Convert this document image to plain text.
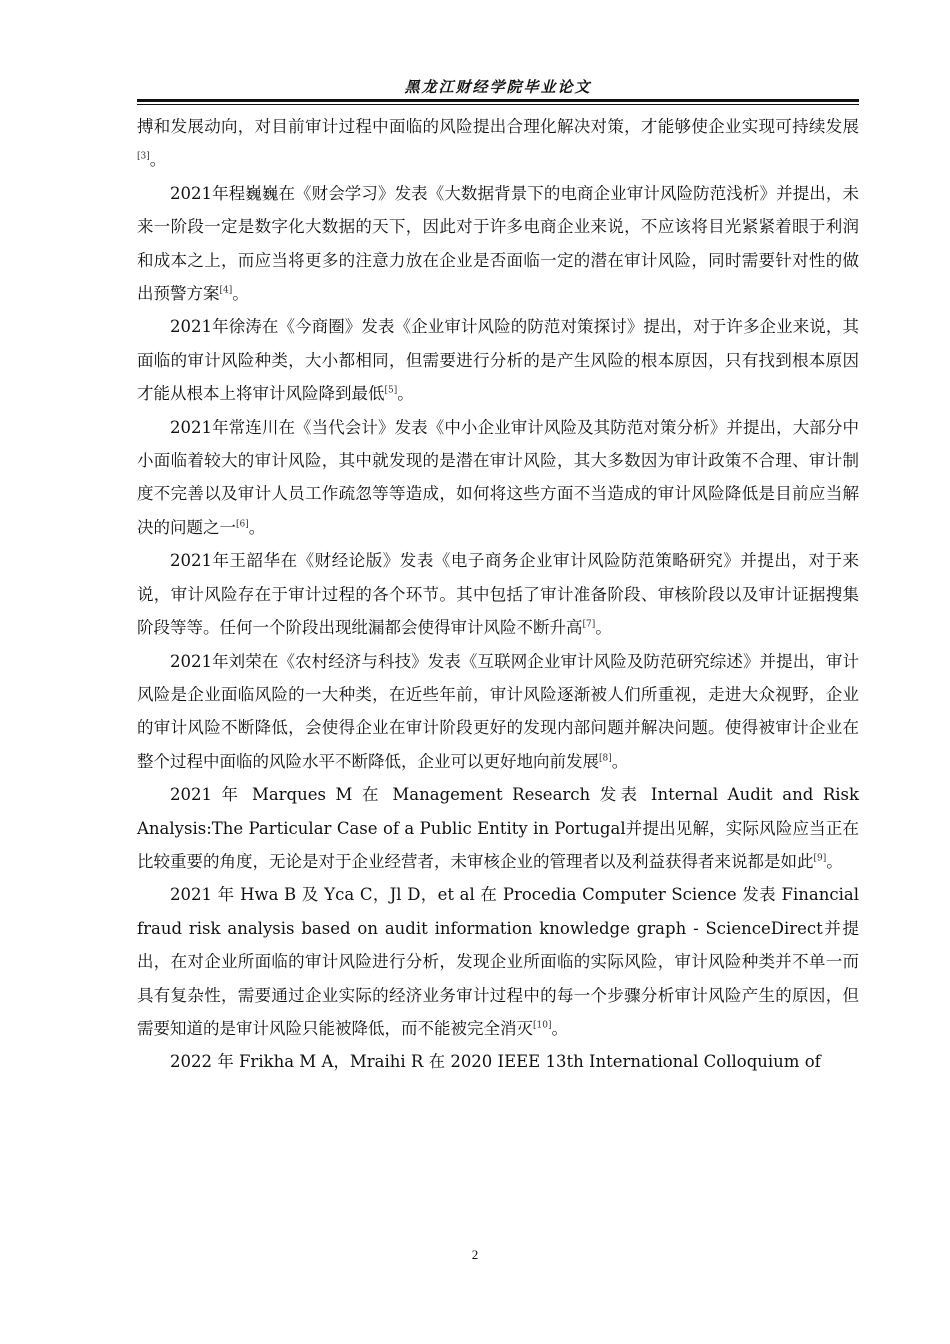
黑龙江财经学院毕业论文

搏和发展动向，对目前审计过程中面临的风险提出合理化解决对策，才能够使企业实现可持续发展[3]。

2021年程巍巍在《财会学习》发表《大数据背景下的电商企业审计风险防范浅析》并提出，未来一阶段一定是数字化大数据的天下，因此对于许多电商企业来说，不应该将目光紧紧着眼于利润和成本之上，而应当将更多的注意力放在企业是否面临一定的潜在审计风险，同时需要针对性的做出预警方案[4]。

2021年徐涛在《今商圈》发表《企业审计风险的防范对策探讨》提出，对于许多企业来说，其面临的审计风险种类，大小都相同，但需要进行分析的是产生风险的根本原因，只有找到根本原因才能从根本上将审计风险降到最低[5]。

2021年常连川在《当代会计》发表《中小企业审计风险及其防范对策分析》并提出，大部分中小面临着较大的审计风险，其中就发现的是潜在审计风险，其大多数因为审计政策不合理、审计制度不完善以及审计人员工作疏忽等等造成，如何将这些方面不当造成的审计风险降低是目前应当解决的问题之一[6]。

2021年王韶华在《财经论版》发表《电子商务企业审计风险防范策略研究》并提出，对于来说，审计风险存在于审计过程的各个环节。其中包括了审计准备阶段、审核阶段以及审计证据搜集阶段等等。任何一个阶段出现纰漏都会使得审计风险不断升高[7]。

2021年刘荣在《农村经济与科技》发表《互联网企业审计风险及防范研究综述》并提出，审计风险是企业面临风险的一大种类，在近些年前，审计风险逐渐被人们所重视，走进大众视野，企业的审计风险不断降低，会使得企业在审计阶段更好的发现内部问题并解决问题。使得被审计企业在整个过程中面临的风险水平不断降低，企业可以更好地向前发展[8]。

2021 年 Marques M 在 Management Research 发表 Internal Audit and Risk Analysis:The Particular Case of a Public Entity in Portugal并提出见解，实际风险应当正在比较重要的角度，无论是对于企业经营者，未审核企业的管理者以及利益获得者来说都是如此[9]。

2021 年 Hwa B 及 Yca C，Jl D，et al 在 Procedia Computer Science 发表 Financial fraud risk analysis based on audit information knowledge graph - ScienceDirect并提出，在对企业所面临的审计风险进行分析，发现企业所面临的实际风险，审计风险种类并不单一而具有复杂性，需要通过企业实际的经济业务审计过程中的每一个步骤分析审计风险产生的原因，但需要知道的是审计风险只能被降低，而不能被完全消灭[10]。

2022 年 Frikha M A，Mraihi R 在 2020 IEEE 13th International Colloquium of

2
